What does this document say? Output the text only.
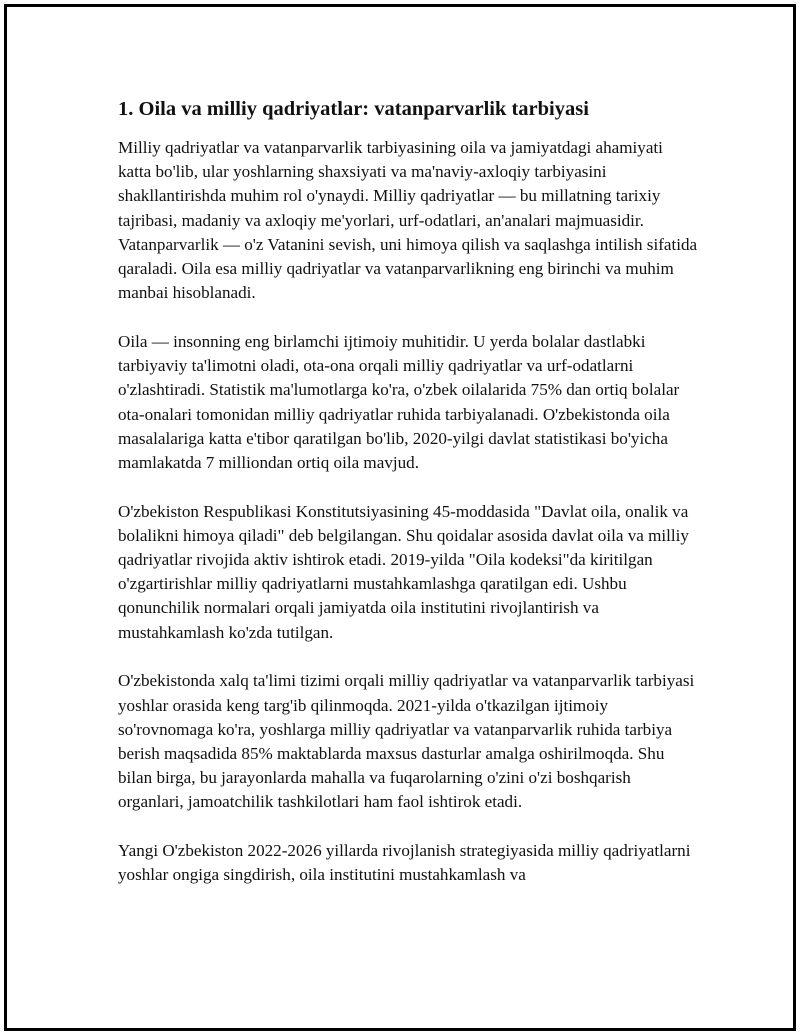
1. Oila va milliy qadriyatlar: vatanparvarlik tarbiyasi

Milliy qadriyatlar va vatanparvarlik tarbiyasining oila va jamiyatdagi ahamiyati katta bo'lib, ular yoshlarning shaxsiyati va ma'naviy-axloqiy tarbiyasini shakllantirishda muhim rol o'ynaydi. Milliy qadriyatlar — bu millatning tarixiy tajribasi, madaniy va axloqiy me'yorlari, urf-odatlari, an'analari majmuasidir. Vatanparvarlik — o'z Vatanini sevish, uni himoya qilish va saqlashga intilish sifatida qaraladi. Oila esa milliy qadriyatlar va vatanparvarlikning eng birinchi va muhim manbai hisoblanadi.

Oila — insonning eng birlamchi ijtimoiy muhitidir. U yerda bolalar dastlabki tarbiyaviy ta'limotni oladi, ota-ona orqali milliy qadriyatlar va urf-odatlarni o'zlashtiradi. Statistik ma'lumotlarga ko'ra, o'zbek oilalarida 75% dan ortiq bolalar ota-onalari tomonidan milliy qadriyatlar ruhida tarbiyalanadi. O'zbekistonda oila masalalariga katta e'tibor qaratilgan bo'lib, 2020-yilgi davlat statistikasi bo'yicha mamlakatda 7 milliondan ortiq oila mavjud.

O'zbekiston Respublikasi Konstitutsiyasining 45-moddasida "Davlat oila, onalik va bolalikni himoya qiladi" deb belgilangan. Shu qoidalar asosida davlat oila va milliy qadriyatlar rivojida aktiv ishtirok etadi. 2019-yilda "Oila kodeksi"da kiritilgan o'zgartirishlar milliy qadriyatlarni mustahkamlashga qaratilgan edi. Ushbu qonunchilik normalari orqali jamiyatda oila institutini rivojlantirish va mustahkamlash ko'zda tutilgan.

O'zbekistonda xalq ta'limi tizimi orqali milliy qadriyatlar va vatanparvarlik tarbiyasi yoshlar orasida keng targ'ib qilinmoqda. 2021-yilda o'tkazilgan ijtimoiy so'rovnomaga ko'ra, yoshlarga milliy qadriyatlar va vatanparvarlik ruhida tarbiya berish maqsadida 85% maktablarda maxsus dasturlar amalga oshirilmoqda. Shu bilan birga, bu jarayonlarda mahalla va fuqarolarning o'zini o'zi boshqarish organlari, jamoatchilik tashkilotlari ham faol ishtirok etadi.

Yangi O'zbekiston 2022-2026 yillarda rivojlanish strategiyasida milliy qadriyatlarni yoshlar ongiga singdirish, oila institutini mustahkamlash va
